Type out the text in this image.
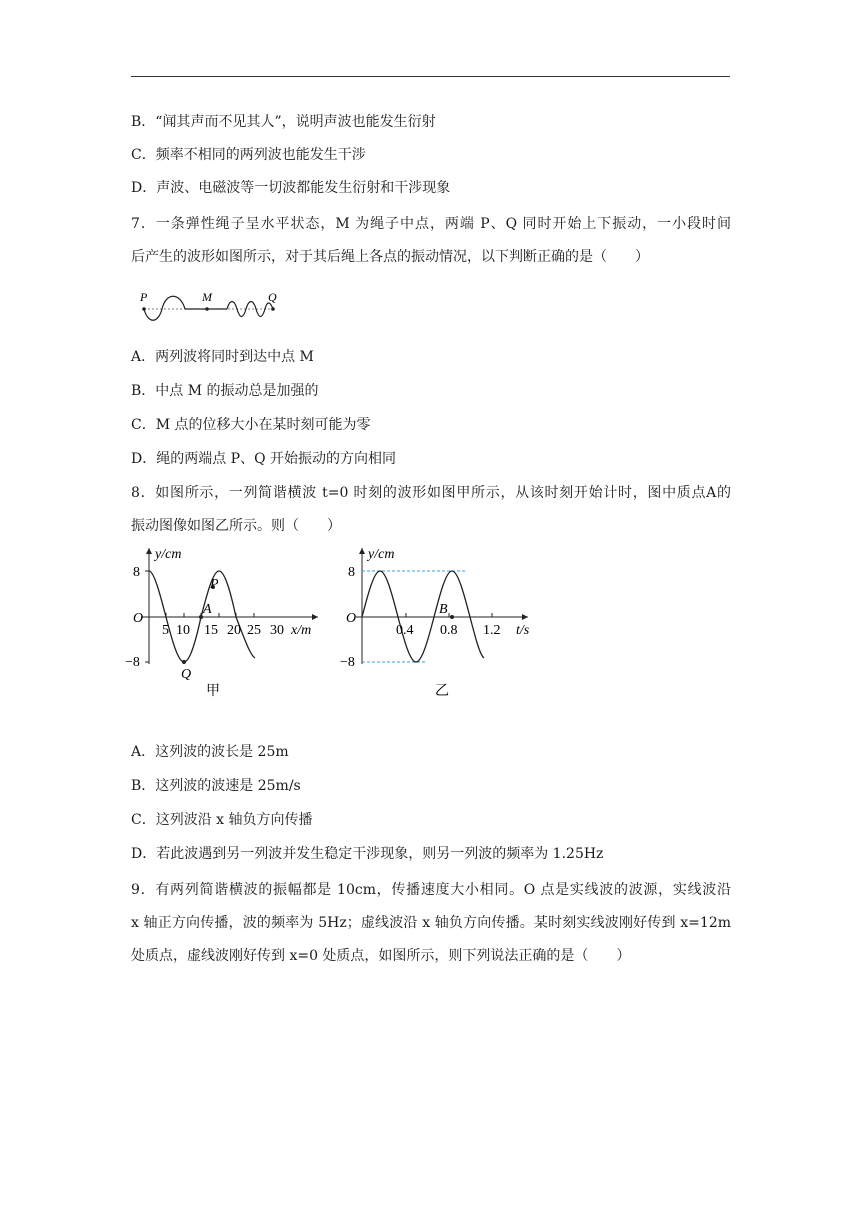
B．“闻其声而不见其人”，说明声波也能发生衍射
C．频率不相同的两列波也能发生干涉
D．声波、电磁波等一切波都能发生衍射和干涉现象
7．一条弹性绳子呈水平状态，M 为绳子中点，两端 P、Q 同时开始上下振动，一小段时间
后产生的波形如图所示，对于其后绳上各点的振动情况，以下判断正确的是（　　）
P	M	Q
A．两列波将同时到达中点 M
B．中点 M 的振动总是加强的
C．M 点的位移大小在某时刻可能为零
D．绳的两端点 P、Q 开始振动的方向相同
8．如图所示，一列简谐横波 t=0 时刻的波形如图甲所示，从该时刻开始计时，图中质点A的
振动图像如图乙所示。则（　　）
y/cm
8
O
−8
5 10 15 20 25 30 x/m
P
A
Q
甲
y/cm
8
O
−8
0.4 0.8 1.2 t/s
B
乙
A．这列波的波长是 25m
B．这列波的波速是 25m/s
C．这列波沿 x 轴负方向传播
D．若此波遇到另一列波并发生稳定干涉现象，则另一列波的频率为 1.25Hz
9．有两列简谐横波的振幅都是 10cm，传播速度大小相同。O 点是实线波的波源，实线波沿
x 轴正方向传播，波的频率为 5Hz；虚线波沿 x 轴负方向传播。某时刻实线波刚好传到 x=12m
处质点，虚线波刚好传到 x=0 处质点，如图所示，则下列说法正确的是（　　）
